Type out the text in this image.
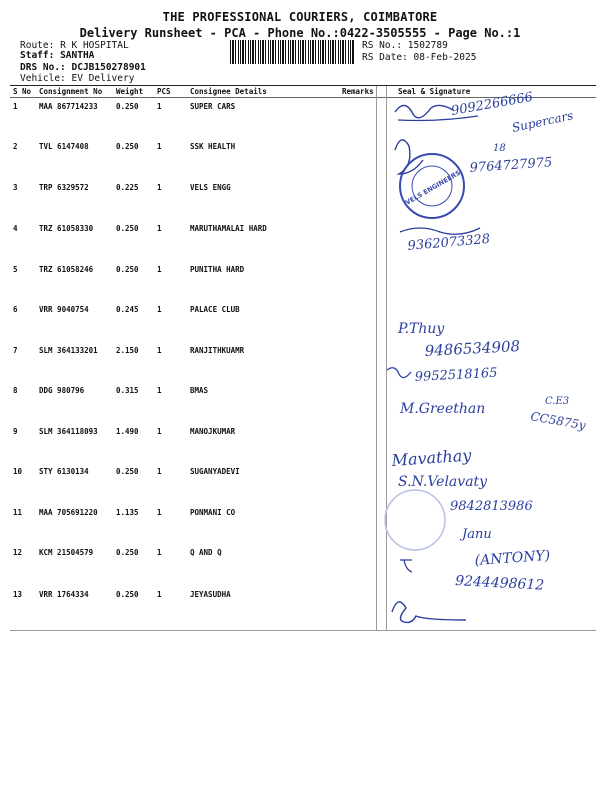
THE PROFESSIONAL COURIERS, COIMBATORE
Delivery Runsheet - PCA - Phone No.:0422-3505555 - Page No.:1
Route: R K HOSPITAL
Staff: SANTHA
DRS No.: DCJB150278901
Vehicle: EV Delivery
RS No.: 1502789
RS Date: 08-Feb-2025
S No Consignment No Weight PCS	Consignee Details	Remarks	Seal & Signature
1	MAA 867714233 0.250 1	SUPER CARS
2	TVL 6147408	0.250 1	SSK HEALTH
3	TRP 6329572	0.225 1	VELS ENGG
4	TRZ 61058330	0.250 1	MARUTHAMALAI HARD
5	TRZ 61058246	0.250 1	PUNITHA HARD
6	VRR 9040754	0.245 1	PALACE CLUB
7	SLM 364133201 2.150 1	RANJITHKUAMR
8	DDG 980796	0.315 1	BMAS
9	SLM 364118093 1.490 1	MANOJKUMAR
10 STY 6130134	0.250 1	SUGANYADEVI
11 MAA 705691220 1.135 1	PONMANI CO
12 KCM 21504579	0.250 1	Q AND Q
13 VRR 1764334	0.250 1	JEYASUDHA
9092266666
Supercars
18
9764727975
VELS ENGINEERS
9362073328
P.Thuy
9486534908
9952518165
M.Greethan	C.E3
CC5875y
Mavathay
S.N.Velavaty
9842813986
Janu
(ANTONY)
9244498612
